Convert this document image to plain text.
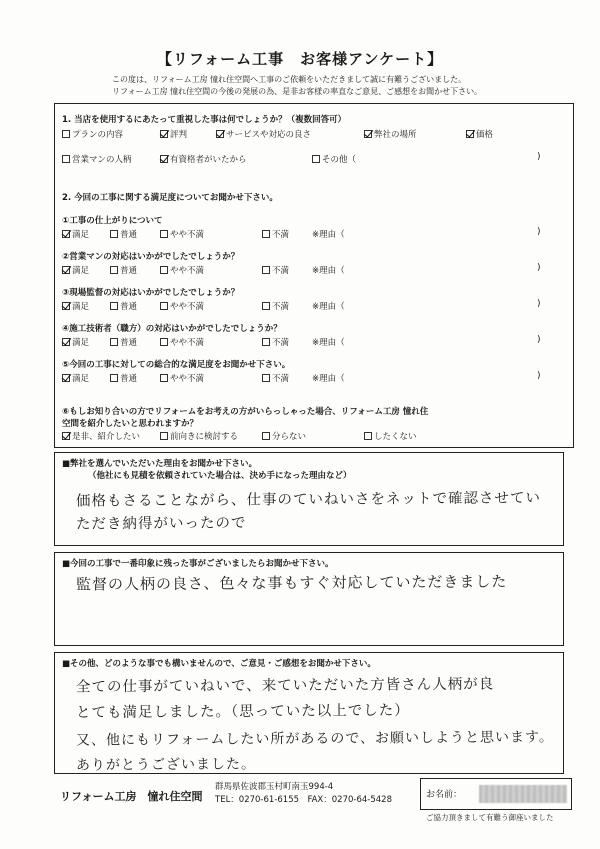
【リフォーム工事　お客様アンケート】
この度は、リフォーム工房 憧れ住空間へ工事のご依頼をいただきまして誠に有難うございました。
リフォーム工房 憧れ住空間の今後の発展の為、是非お客様の率直なご意見、ご感想をお聞かせ下さい。
1. 当店を使用するにあたって重視した事は何でしょうか？（複数回答可）
プランの内容	評判	サービスや対応の良さ	弊社の場所	価格
営業マンの人柄	有資格者がいたから	その他（	)
2. 今回の工事に関する満足度についてお聞かせ下さい。
①工事の仕上がりについて
満足	普通	やや不満	不満	※理由（	)
②営業マンの対応はいかがでしたでしょうか？
満足	普通	やや不満	不満	※理由（	)
③現場監督の対応はいかがでしたでしょうか？
満足	普通	やや不満	不満	※理由（	)
④施工技術者（職方）の対応はいかがでしたでしょうか？
満足	普通	やや不満	不満	※理由（	)
⑤今回の工事に対しての総合的な満足度をお聞かせ下さい。
満足	普通	やや不満	不満	※理由（	)
⑥もしお知り合いの方でリフォームをお考えの方がいらっしゃった場合、リフォーム工房 憧れ住
空間を紹介したいと思われますか？
是非、紹介したい	前向きに検討する	分らない	したくない
■弊社を選んでいただいた理由をお聞かせ下さい。
（他社にも見積を依頼されていた場合は、決め手になった理由など）
価格もさることながら、仕事のていねいさをネットで確認させてい
ただき納得がいったので
■今回の工事で一番印象に残った事がございましたらお聞かせ下さい。
監督の人柄の良さ、色々な事もすぐ対応していただきました
■その他、どのような事でも構いませんので、ご意見・ご感想をお聞かせ下さい。
全ての仕事がていねいで、来ていただいた方皆さん人柄が良
とても満足しました。（思っていた以上でした）
又、他にもリフォームしたい所があるので、お願いしようと思います。
ありがとうございました。
リフォーム工房　憧れ住空間
群馬県佐波郡玉村町南玉994-4
TEL：0270-61-6155　FAX：0270-64-5428	お名前：
ご協力頂きまして有難う御座いました
